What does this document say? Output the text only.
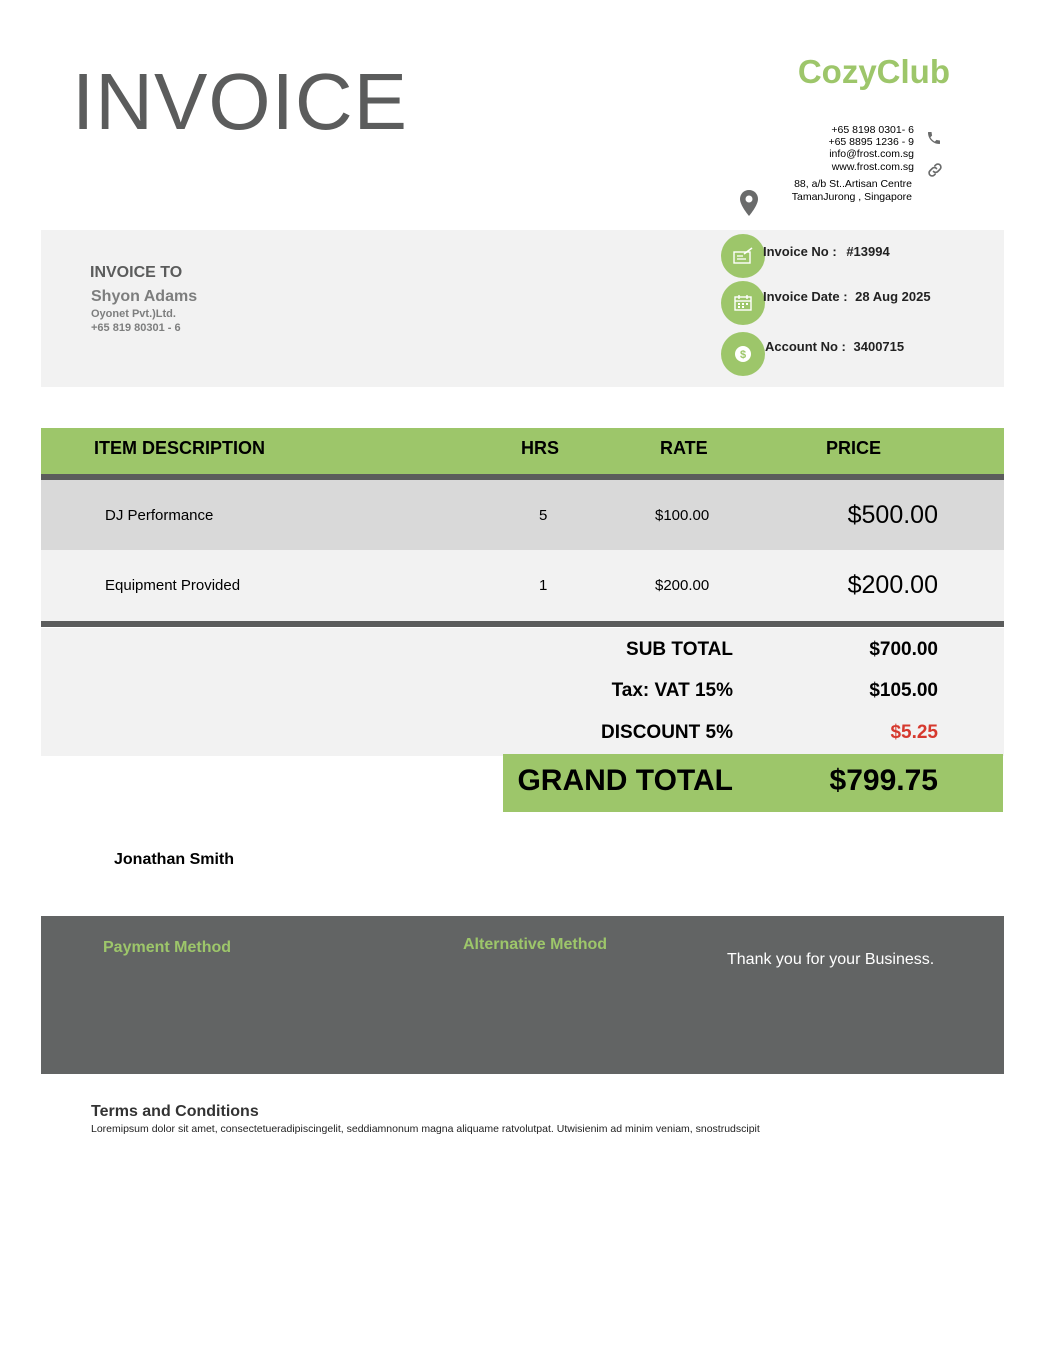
INVOICE	CozyClub
+65 8198 0301- 6
+65 8895 1236 - 9
info@frost.com.sg
www.frost.com.sg
88, a/b St..Artisan Centre
TamanJurong , Singapore
INVOICE TO
Shyon Adams
Oyonet Pvt.)Ltd.
+65 819 80301 - 6
Invoice No : #13994
Invoice Date : 28 Aug 2025
$
Account No : 3400715
ITEM DESCRIPTION	HRS	RATE	PRICE
DJ Performance	5	$100.00	$500.00
Equipment Provided	1	$200.00	$200.00
SUB TOTAL	$700.00
Tax: VAT 15%	$105.00
DISCOUNT 5%	$5.25
GRAND TOTAL	$799.75
Jonathan Smith
Payment Method	Alternative Method
Thank you for your Business.
Terms and Conditions
Loremipsum dolor sit amet, consectetueradipiscingelit, seddiamnonum magna aliquame ratvolutpat. Utwisienim ad minim veniam, snostrudscipit
